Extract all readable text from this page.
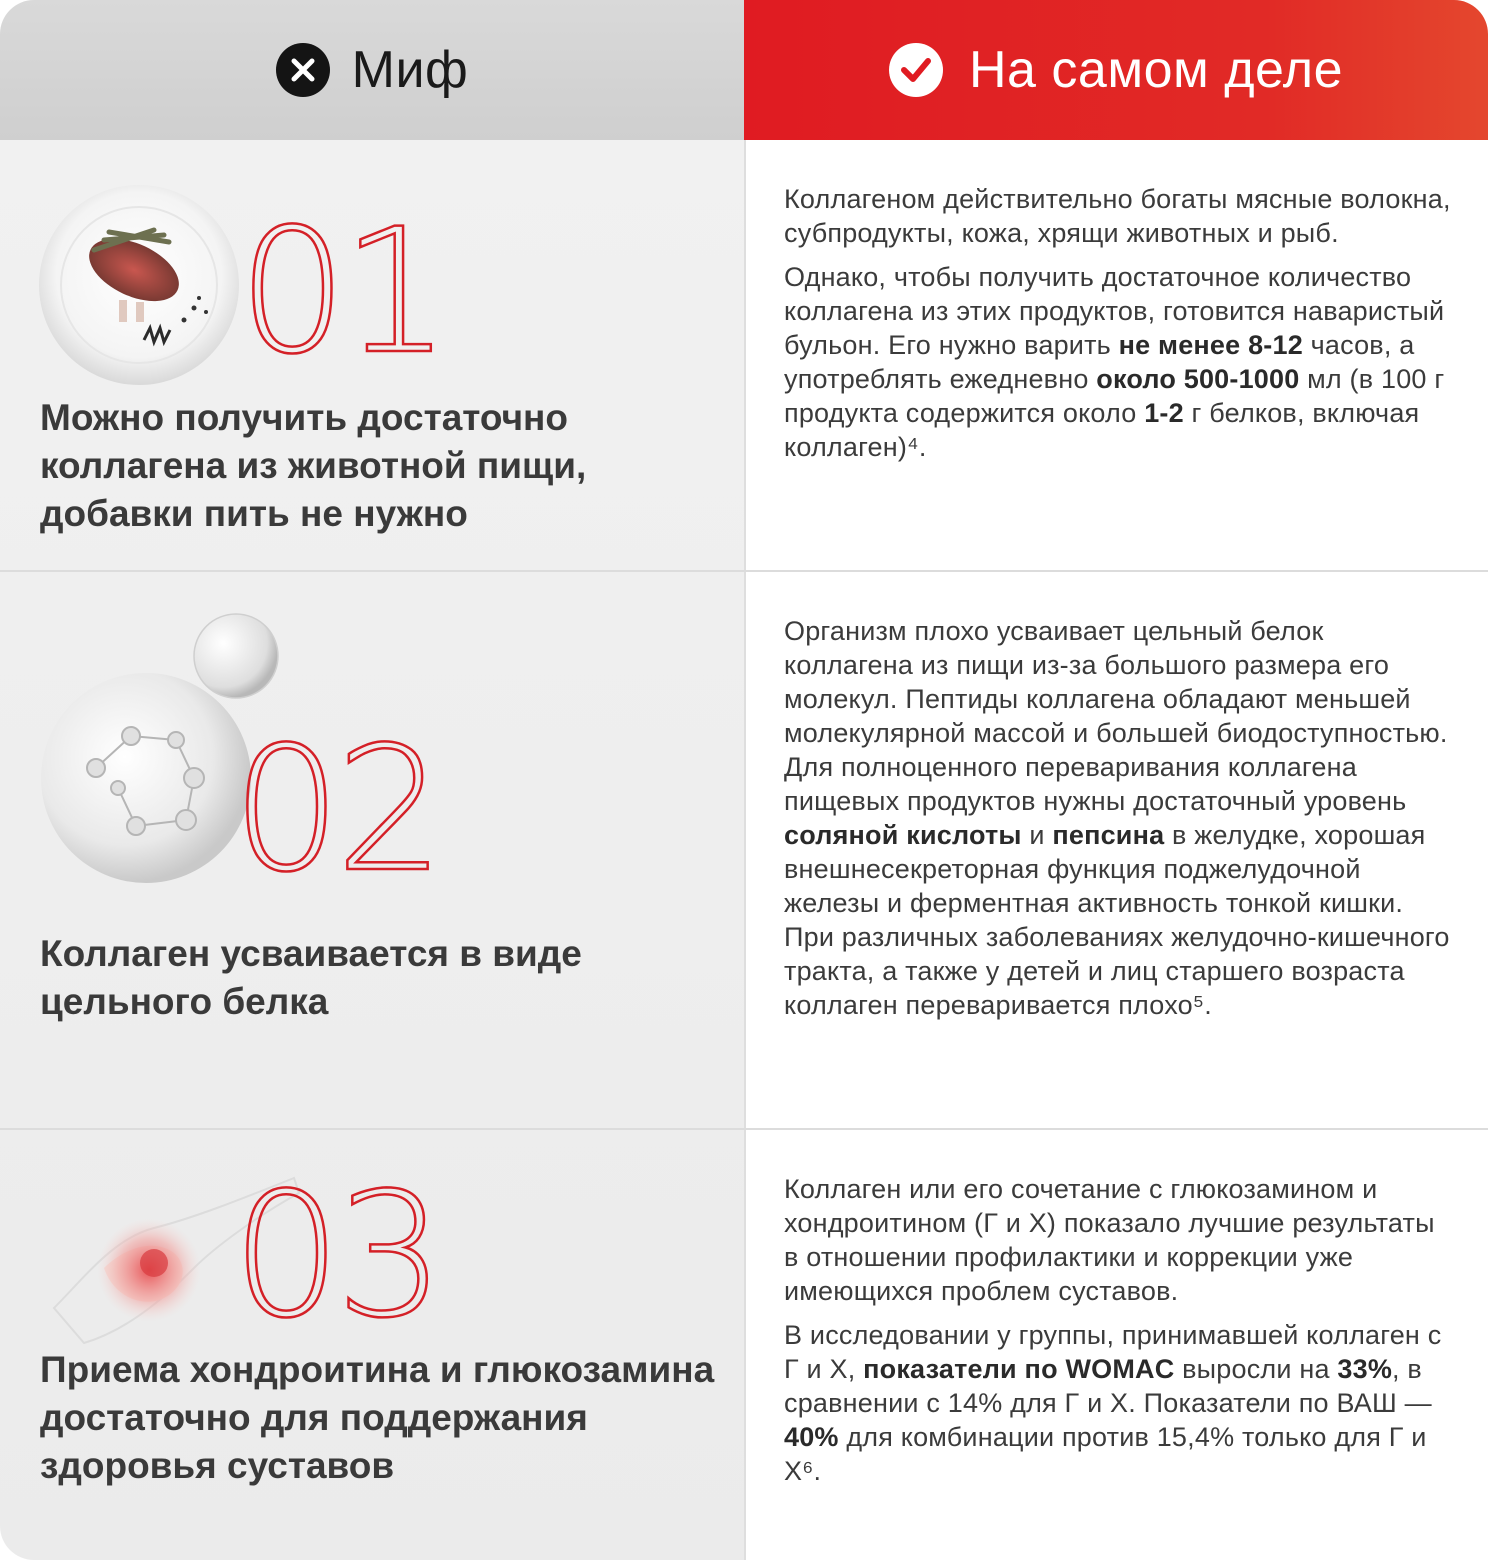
Миф	На самом деле
01
Можно получить достаточно коллагена из животной пищи, добавки пить не нужно

Коллагеном действительно богаты мясные волокна, субпродукты, кожа, хрящи животных и рыб.

Однако, чтобы получить достаточное количество коллагена из этих продуктов, готовится наваристый бульон. Его нужно варить не менее 8-12 часов, а употреблять ежедневно около 500-1000 мл (в 100 г продукта содержится около 1-2 г белков, включая коллаген)⁴.

02
Коллаген усваивается в виде цельного белка

Организм плохо усваивает цельный белок коллагена из пищи из-за большого размера его молекул. Пептиды коллагена обладают меньшей молекулярной массой и большей биодоступностью. Для полноценного переваривания коллагена пищевых продуктов нужны достаточный уровень соляной кислоты и пепсина в желудке, хорошая внешнесекреторная функция поджелудочной железы и ферментная активность тонкой кишки. При различных заболеваниях желудочно-кишечного тракта, а также у детей и лиц старшего возраста коллаген переваривается плохо⁵.

03
Приема хондроитина и глюкозамина достаточно для поддержания здоровья суставов

Коллаген или его сочетание с глюкозамином и хондроитином (Г и Х) показало лучшие результаты в отношении профилактики и коррекции уже имеющихся проблем суставов.

В исследовании у группы, принимавшей коллаген с Г и Х, показатели по WOMAC выросли на 33%, в сравнении с 14% для Г и Х. Показатели по ВАШ — 40% для комбинации против 15,4% только для Г и Х⁶.
